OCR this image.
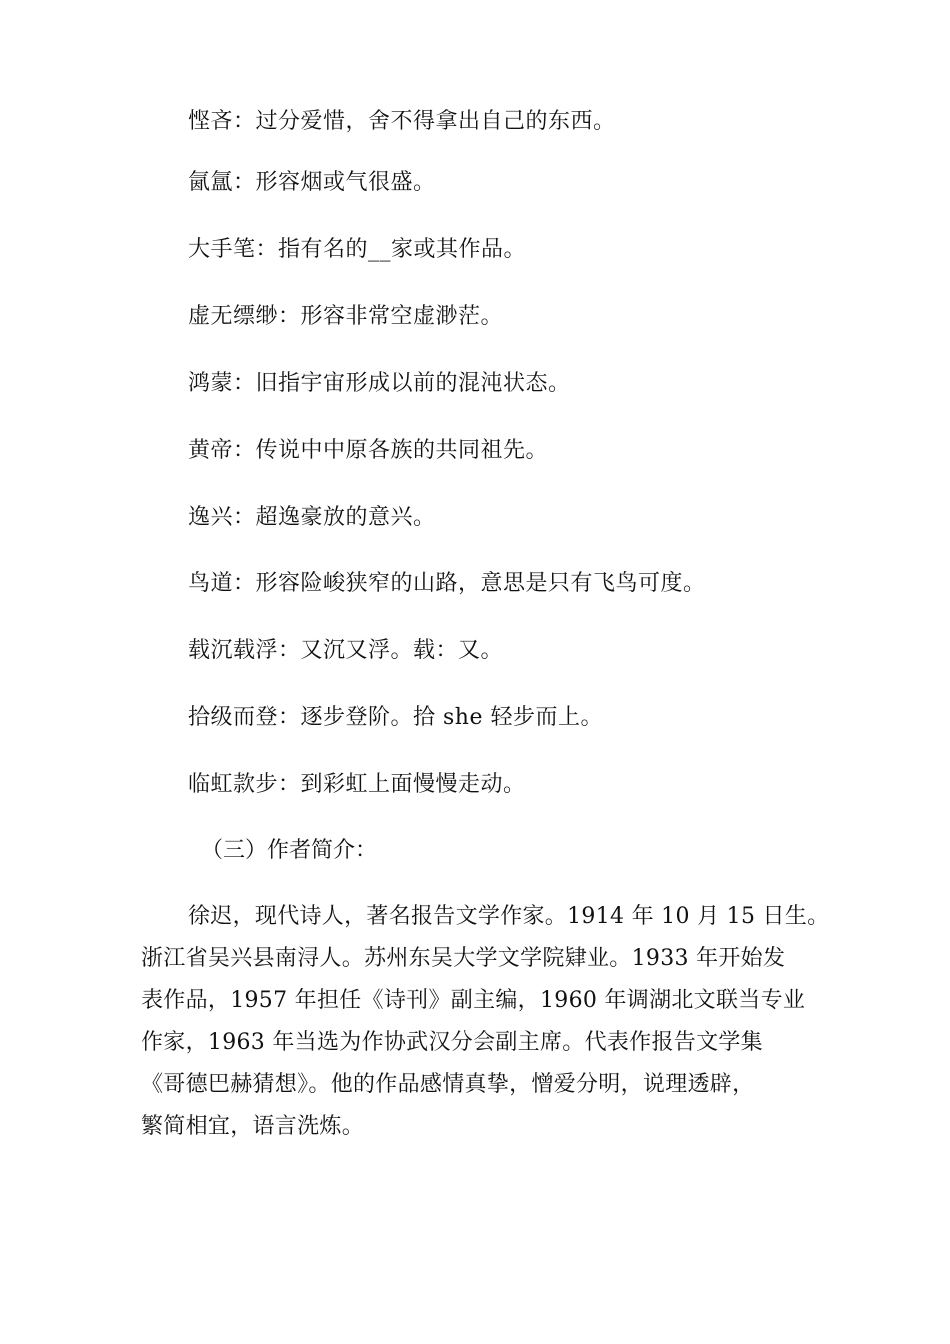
悭吝：过分爱惜，舍不得拿出自己的东西。
氤氲：形容烟或气很盛。
大手笔：指有名的__家或其作品。
虚无缥缈：形容非常空虚渺茫。
鸿蒙：旧指宇宙形成以前的混沌状态。
黄帝：传说中中原各族的共同祖先。
逸兴：超逸豪放的意兴。
鸟道：形容险峻狭窄的山路，意思是只有飞鸟可度。
载沉载浮：又沉又浮。载：又。
拾级而登：逐步登阶。拾 she 轻步而上。
临虹款步：到彩虹上面慢慢走动。
（三）作者简介：
徐迟，现代诗人，著名报告文学作家。1914 年 10 月 15 日生。
浙江省吴兴县南浔人。苏州东吴大学文学院肄业。1933 年开始发
表作品，1957 年担任《诗刊》副主编，1960 年调湖北文联当专业
作家，1963 年当选为作协武汉分会副主席。代表作报告文学集
《哥德巴赫猜想》。他的作品感情真挚，憎爱分明，说理透辟，
繁简相宜，语言洗炼。
